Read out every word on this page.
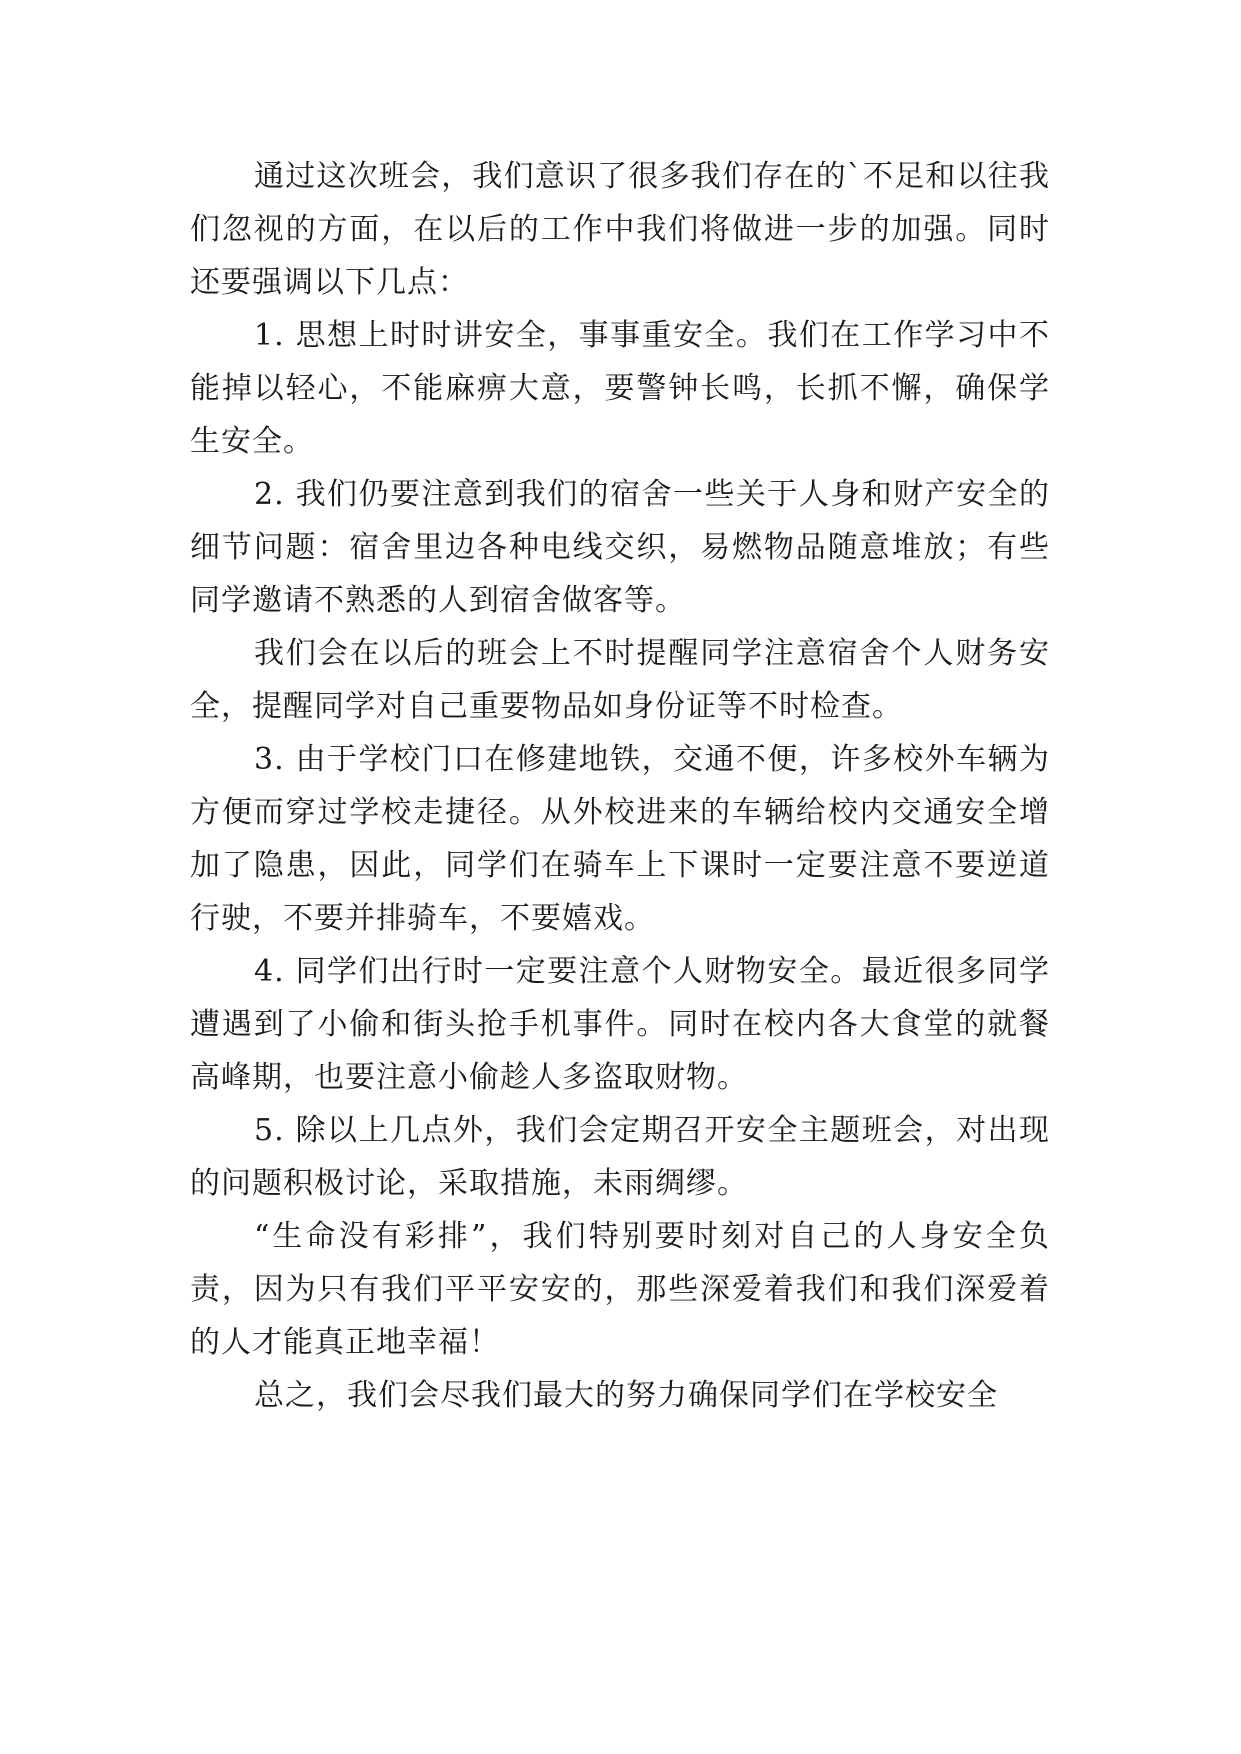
通过这次班会，我们意识了很多我们存在的`不足和以往我们忽视的方面，在以后的工作中我们将做进一步的加强。同时还要强调以下几点：

1. 思想上时时讲安全，事事重安全。我们在工作学习中不能掉以轻心，不能麻痹大意，要警钟长鸣，长抓不懈，确保学生安全。

2. 我们仍要注意到我们的宿舍一些关于人身和财产安全的细节问题：宿舍里边各种电线交织，易燃物品随意堆放；有些同学邀请不熟悉的人到宿舍做客等。

我们会在以后的班会上不时提醒同学注意宿舍个人财务安全，提醒同学对自己重要物品如身份证等不时检查。

3. 由于学校门口在修建地铁，交通不便，许多校外车辆为方便而穿过学校走捷径。从外校进来的车辆给校内交通安全增加了隐患，因此，同学们在骑车上下课时一定要注意不要逆道行驶，不要并排骑车，不要嬉戏。

4. 同学们出行时一定要注意个人财物安全。最近很多同学遭遇到了小偷和街头抢手机事件。同时在校内各大食堂的就餐高峰期，也要注意小偷趁人多盗取财物。

5. 除以上几点外，我们会定期召开安全主题班会，对出现的问题积极讨论，采取措施，未雨绸缪。

“生命没有彩排”，我们特别要时刻对自己的人身安全负责，因为只有我们平平安安的，那些深爱着我们和我们深爱着的人才能真正地幸福！

总之，我们会尽我们最大的努力确保同学们在学校安全
